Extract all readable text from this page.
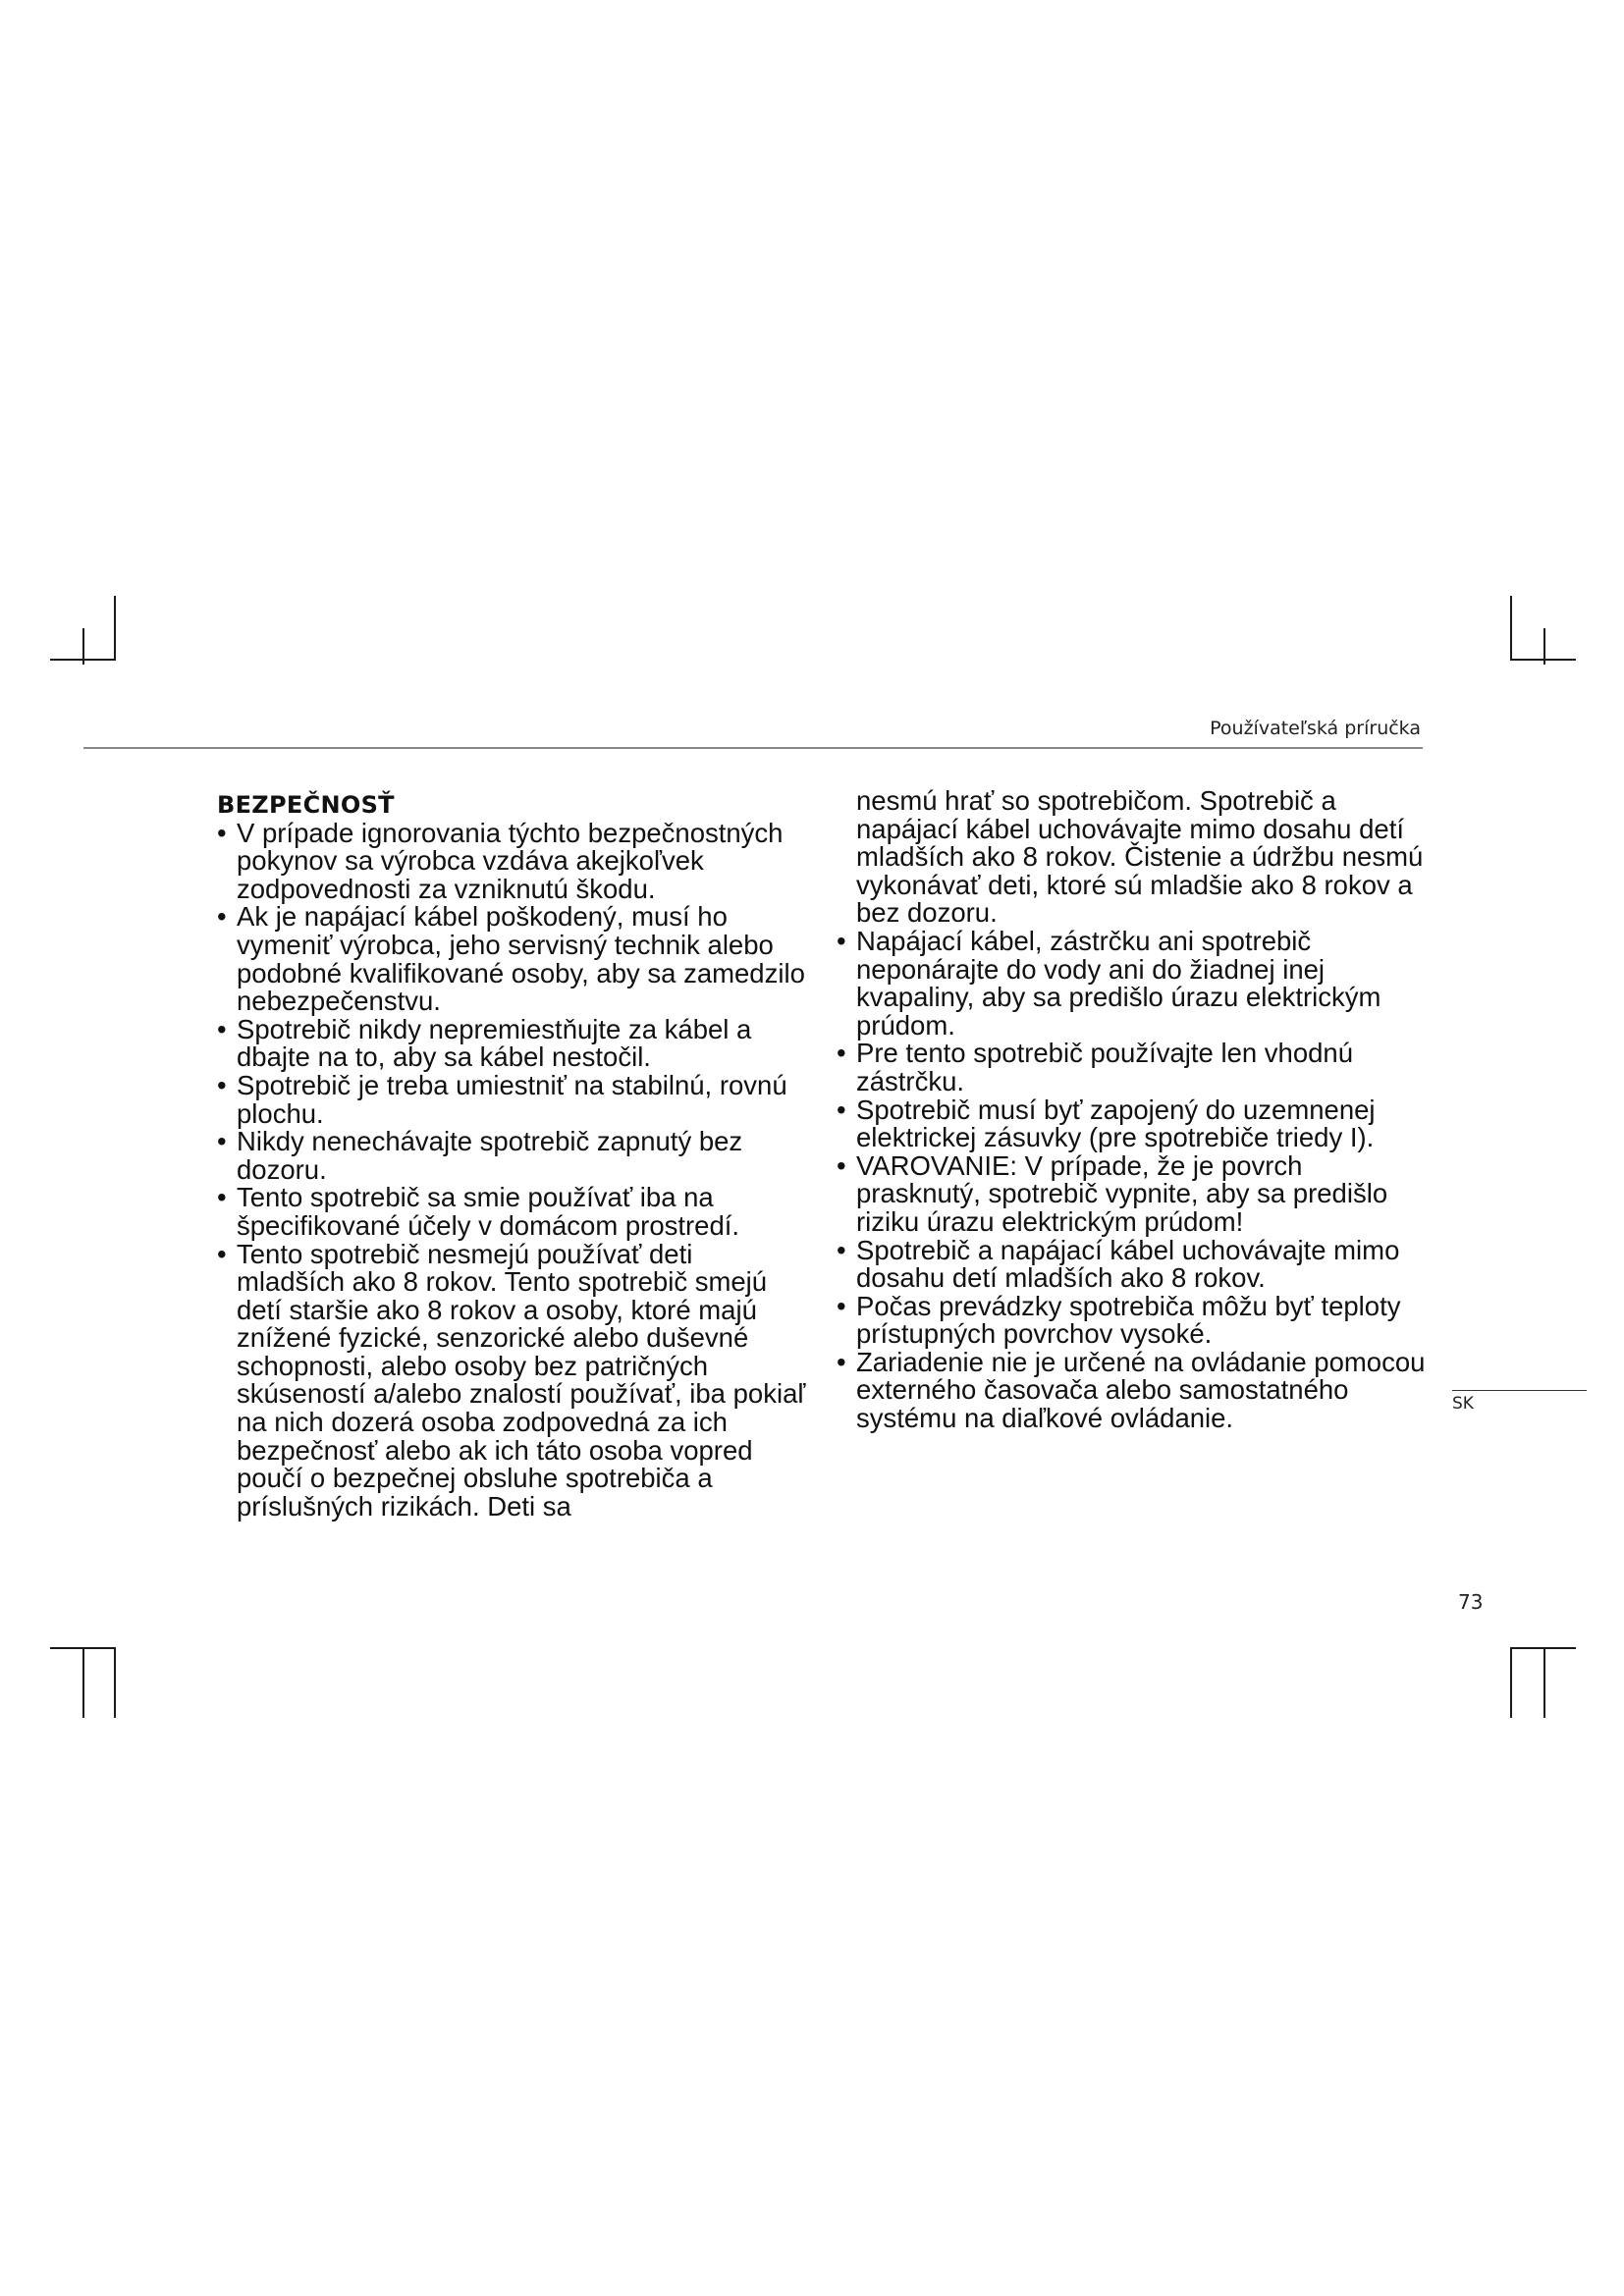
Používateľská príručka
BEZPEČNOSŤ
• V prípade ignorovania týchto bezpečnostných pokynov sa výrobca vzdáva akejkoľvek zodpovednosti za vzniknutú škodu.
• Ak je napájací kábel poškodený, musí ho vymeniť výrobca, jeho servisný technik alebo podobné kvalifikované osoby, aby sa zamedzilo nebezpečenstvu.
• Spotrebič nikdy nepremiestňujte za kábel a dbajte na to, aby sa kábel nestočil.
• Spotrebič je treba umiestniť na stabilnú, rovnú plochu.
• Nikdy nenechávajte spotrebič zapnutý bez dozoru.
• Tento spotrebič sa smie používať iba na špecifikované účely v domácom prostredí.
• Tento spotrebič nesmejú používať deti mladších ako 8 rokov. Tento spotrebič smejú detí staršie ako 8 rokov a osoby, ktoré majú znížené fyzické, senzorické alebo duševné schopnosti, alebo osoby bez patričných skúseností a/alebo znalostí používať, iba pokiaľ na nich dozerá osoba zodpovedná za ich bezpečnosť alebo ak ich táto osoba vopred poučí o bezpečnej obsluhe spotrebiča a príslušných rizikách. Deti sa
nesmú hrať so spotrebičom. Spotrebič a napájací kábel uchovávajte mimo dosahu detí mladších ako 8 rokov. Čistenie a údržbu nesmú vykonávať deti, ktoré sú mladšie ako 8 rokov a bez dozoru.
• Napájací kábel, zástrčku ani spotrebič neponárajte do vody ani do žiadnej inej kvapaliny, aby sa predišlo úrazu elektrickým prúdom.
• Pre tento spotrebič používajte len vhodnú zástrčku.
• Spotrebič musí byť zapojený do uzemnenej elektrickej zásuvky (pre spotrebiče triedy I).
• VAROVANIE: V prípade, že je povrch prasknutý, spotrebič vypnite, aby sa predišlo riziku úrazu elektrickým prúdom!
• Spotrebič a napájací kábel uchovávajte mimo dosahu detí mladších ako 8 rokov.
• Počas prevádzky spotrebiča môžu byť teploty prístupných povrchov vysoké.
• Zariadenie nie je určené na ovládanie pomocou externého časovača alebo samostatného systému na diaľkové ovládanie.	SK
73
